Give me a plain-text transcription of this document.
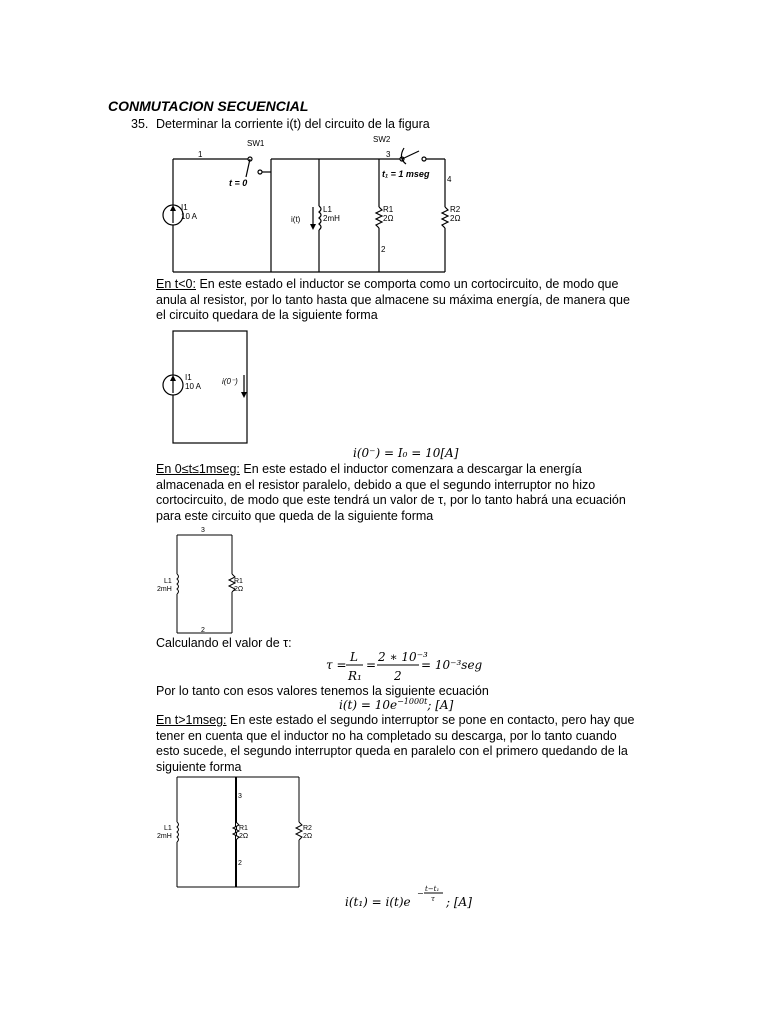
CONMUTACION SECUENCIAL
35. Determinar la corriente i(t) del circuito de la figura
1
SW1	SW2
3
4
2
I1
10 A	i(t)
L1
2mH
R1
2Ω
R2
2Ω
t = 0
t₁ = 1 mseg
I1
10 A
i(0⁻)
3
2
L1
2mH
R1
2Ω
3
2
L1
2mH
R1
2Ω
R2
2Ω
τ =
L
R₁
=
2 ∗ 10⁻³
2
= 10⁻³seg
i(t₁) = i(t)e
− t−t₁
τ ; [A]
En t<0: En este estado el inductor se comporta como un cortocircuito, de modo que
anula al resistor, por lo tanto hasta que almacene su máxima energía, de manera que
el circuito quedara de la siguiente forma
i(0⁻) = I₀ = 10[A]
En 0≤t≤1mseg: En este estado el inductor comenzara a descargar la energía
almacenada en el resistor paralelo, debido a que el segundo interruptor no hizo
cortocircuito, de modo que este tendrá un valor de τ, por lo tanto habrá una ecuación
para este circuito que queda de la siguiente forma
Calculando el valor de τ:
Por lo tanto con esos valores tenemos la siguiente ecuación
$i(t) = 10e^{-1000t}$; [A]
En t>1mseg: En este estado el segundo interruptor se pone en contacto, pero hay que
tener en cuenta que el inductor no ha completado su descarga, por lo tanto cuando
esto sucede, el segundo interruptor queda en paralelo con el primero quedando de la
siguiente forma
